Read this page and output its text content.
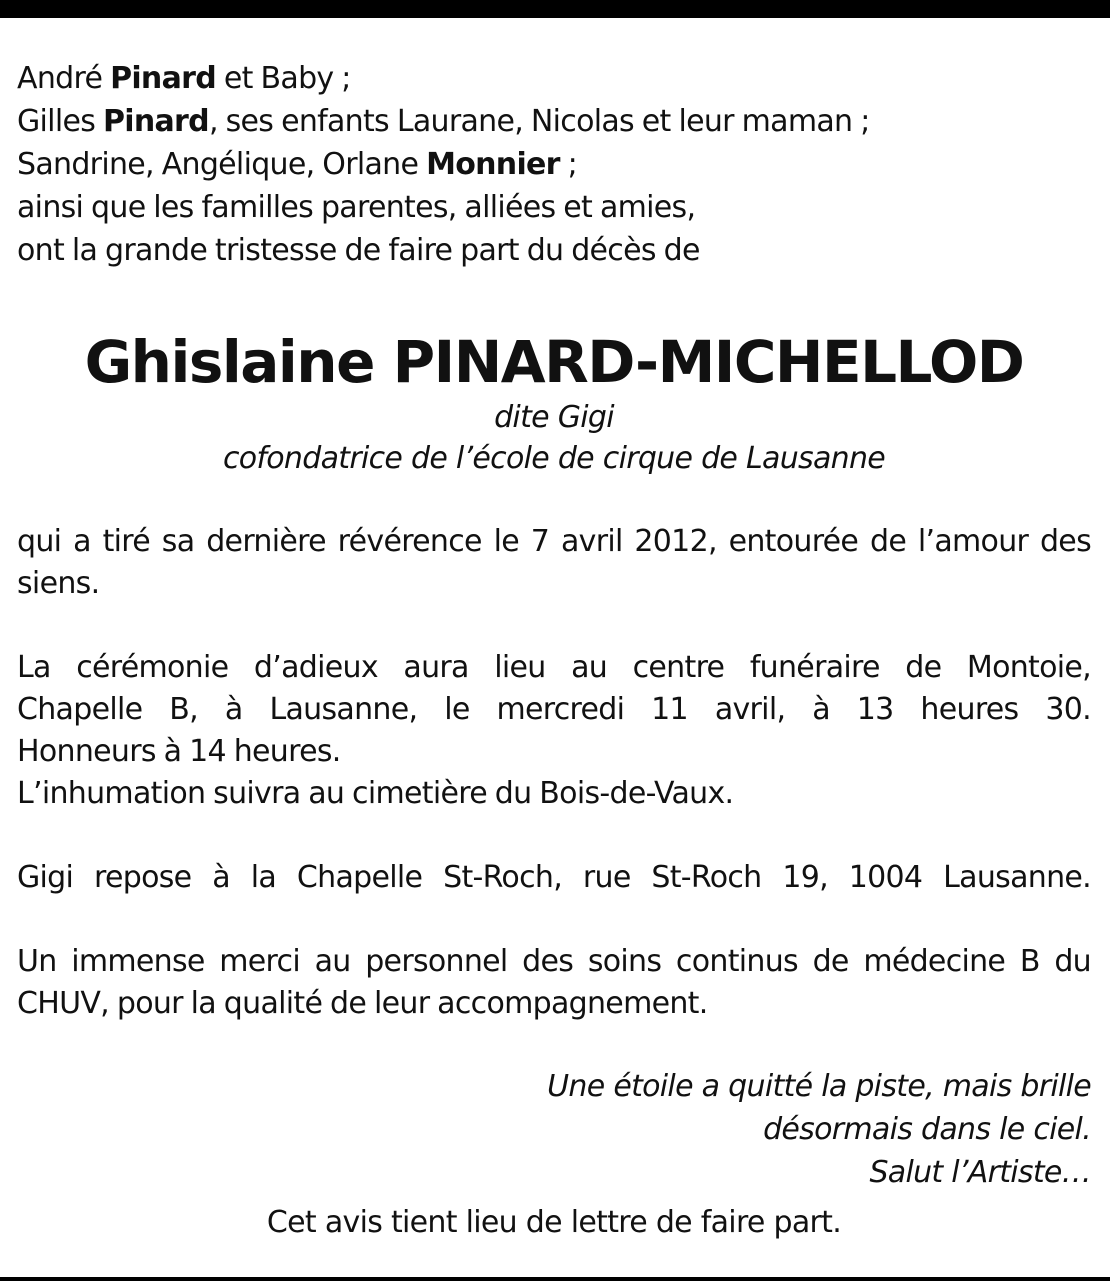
André Pinard et Baby ;
Gilles Pinard, ses enfants Laurane, Nicolas et leur maman ;
Sandrine, Angélique, Orlane Monnier ;
ainsi que les familles parentes, alliées et amies,
ont la grande tristesse de faire part du décès de
Ghislaine PINARD-MICHELLOD
dite Gigi
cofondatrice de l’école de cirque de Lausanne
qui a tiré sa dernière révérence le 7 avril 2012, entourée de l’amour des
siens.
La cérémonie d’adieux aura lieu au centre funéraire de Montoie,
Chapelle B, à Lausanne, le mercredi 11 avril, à 13 heures 30.
Honneurs à 14 heures.
L’inhumation suivra au cimetière du Bois-de-Vaux.
Gigi repose à la Chapelle St-Roch, rue St-Roch 19, 1004 Lausanne.
Un immense merci au personnel des soins continus de médecine B du
CHUV, pour la qualité de leur accompagnement.
Une étoile a quitté la piste, mais brille
désormais dans le ciel.
Salut l’Artiste…
Cet avis tient lieu de lettre de faire part.
